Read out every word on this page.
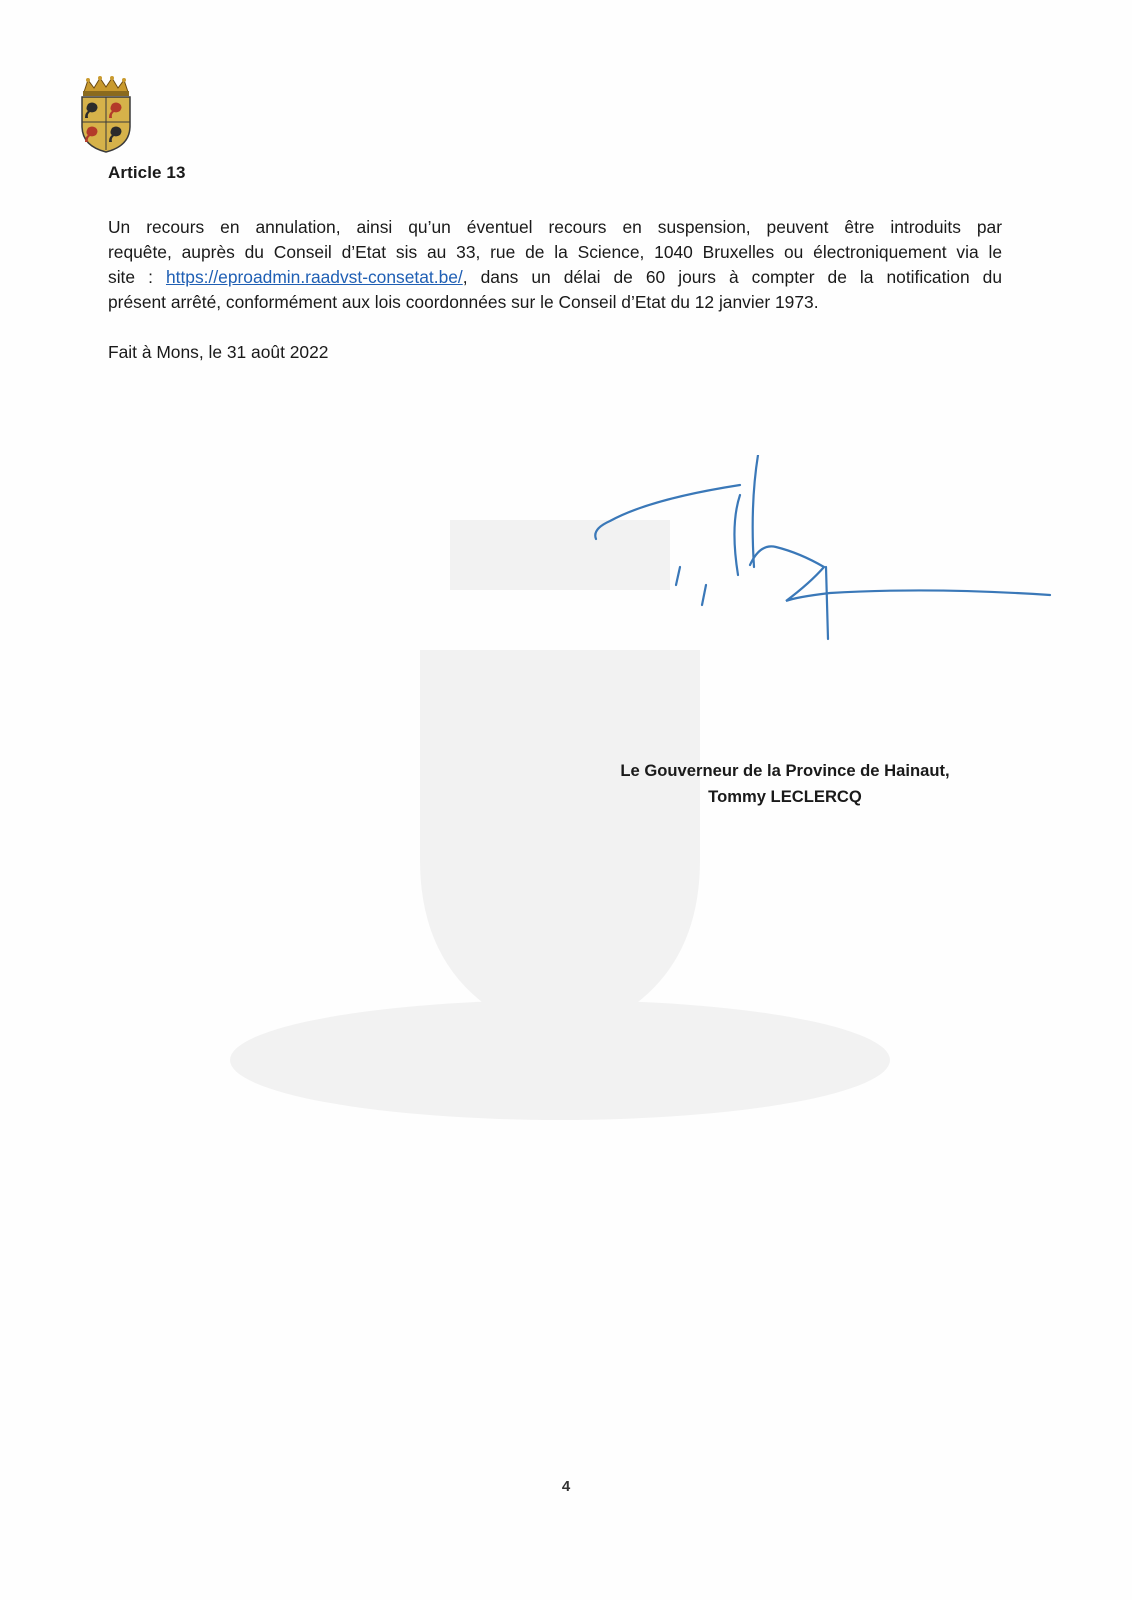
Article 13
Un recours en annulation, ainsi qu’un éventuel recours en suspension, peuvent être introduits par
requête, auprès du Conseil d’Etat sis au 33, rue de la Science, 1040 Bruxelles ou électroniquement via le
site : https://eproadmin.raadvst-consetat.be/, dans un délai de 60 jours à compter de la notification du
présent arrêté, conformément aux lois coordonnées sur le Conseil d’Etat du 12 janvier 1973.
Fait à Mons, le 31 août 2022
Le Gouverneur de la Province de Hainaut,
Tommy LECLERCQ
4
